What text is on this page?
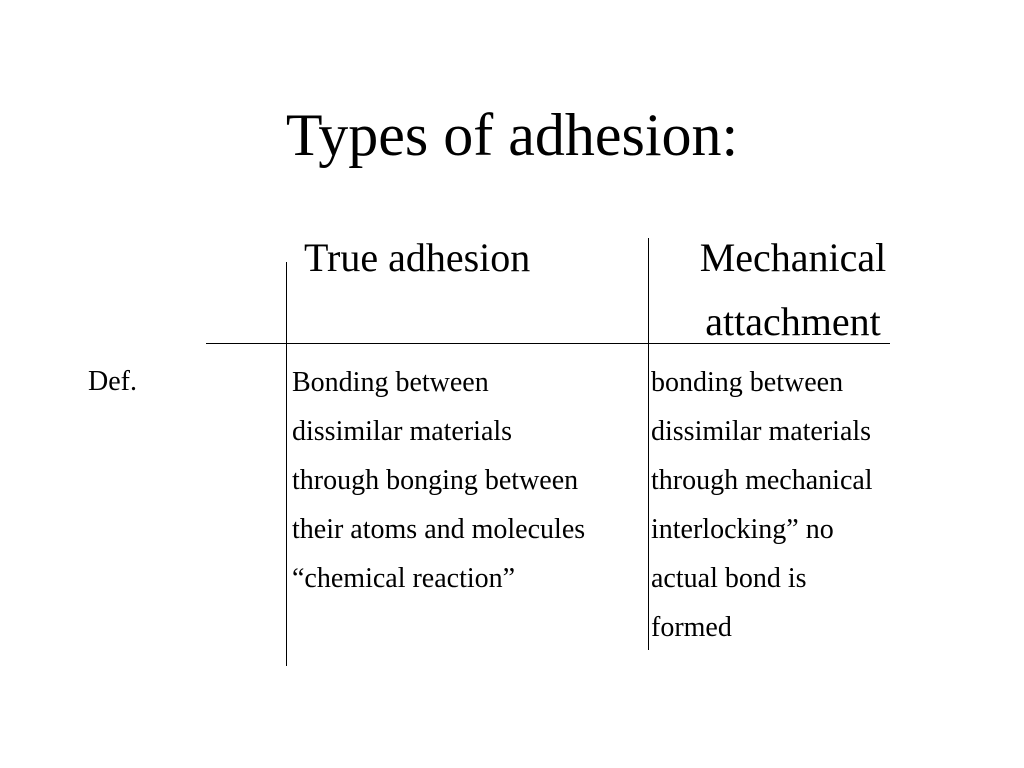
Types of adhesion:
True adhesion	Mechanical
attachment
Def.	Bonding between
dissimilar materials
through bonging between
their atoms and molecules
“chemical reaction”
bonding between
dissimilar materials
through mechanical
interlocking” no
actual bond is
formed
